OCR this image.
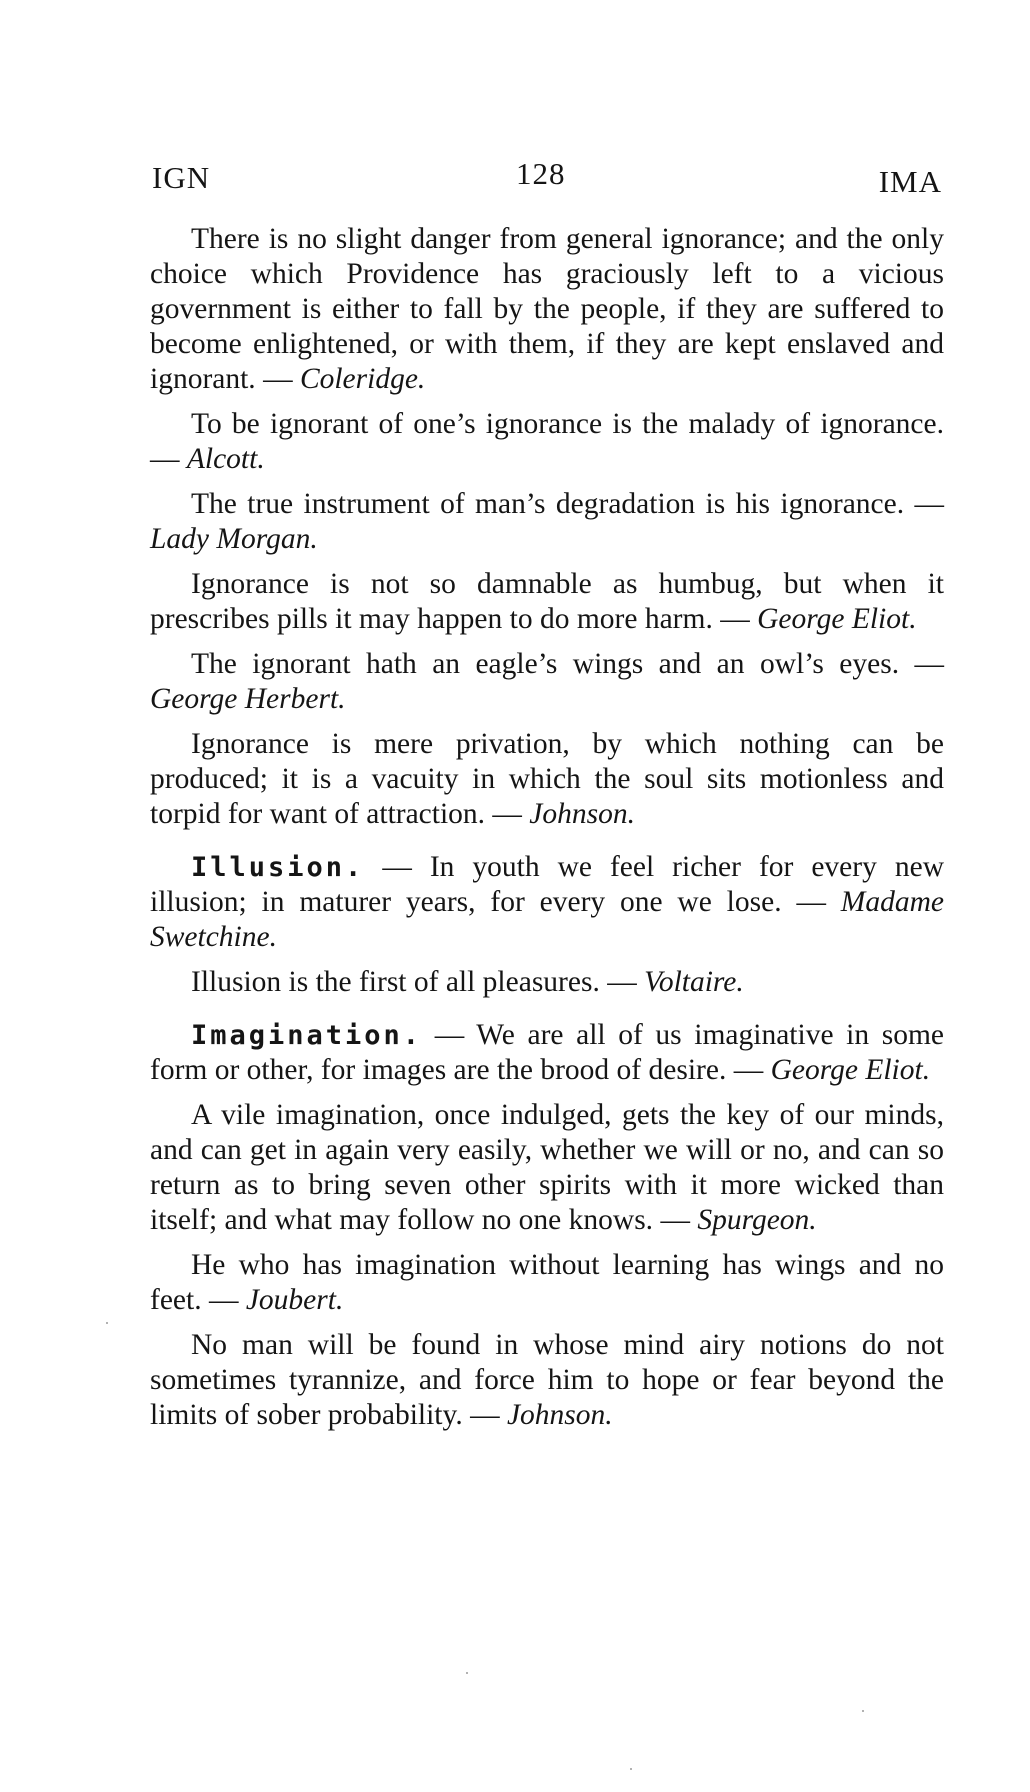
IGN	128	IMA

There is no slight danger from general ignorance; and the only choice which Providence has graciously left to a vicious government is either to fall by the people, if they are suffered to become enlightened, or with them, if they are kept enslaved and ignorant. — Coleridge.

To be ignorant of one’s ignorance is the malady of ignorance. — Alcott.

The true instrument of man’s degradation is his ignorance. — Lady Morgan.

Ignorance is not so damnable as humbug, but when it prescribes pills it may happen to do more harm. — George Eliot.

The ignorant hath an eagle’s wings and an owl’s eyes. — George Herbert.

Ignorance is mere privation, by which nothing can be produced; it is a vacuity in which the soul sits motionless and torpid for want of attraction. — Johnson.

Illusion. — In youth we feel richer for every new illusion; in maturer years, for every one we lose. — Madame Swetchine.

Illusion is the first of all pleasures. — Voltaire.

Imagination. — We are all of us imaginative in some form or other, for images are the brood of desire. — George Eliot.

A vile imagination, once indulged, gets the key of our minds, and can get in again very easily, whether we will or no, and can so return as to bring seven other spirits with it more wicked than itself; and what may follow no one knows. — Spurgeon.

He who has imagination without learning has wings and no feet. — Joubert.

No man will be found in whose mind airy notions do not sometimes tyrannize, and force him to hope or fear beyond the limits of sober probability. — Johnson.
